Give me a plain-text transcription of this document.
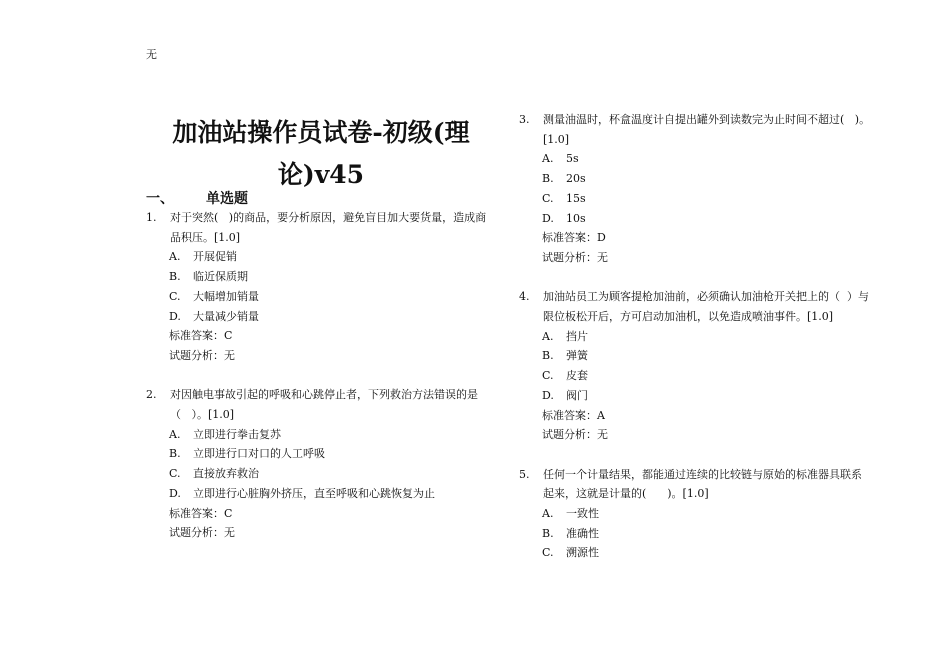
无
加油站操作员试卷-初级(理论)v45
一、 单选题
1.	对于突然(   )的商品，要分析原因，避免盲目加大要货量，造成商品积压。[1.0]
A.	开展促销
B.	临近保质期
C.	大幅增加销量
D.	大量减少销量
标准答案：C
试题分析：无
2.	对因触电事故引起的呼吸和心跳停止者，下列救治方法错误的是（   ）。[1.0]
A.	立即进行拳击复苏
B.	立即进行口对口的人工呼吸
C.	直接放弃救治
D.	立即进行心脏胸外挤压，直至呼吸和心跳恢复为止
标准答案：C
试题分析：无
3.	测量油温时，杯盒温度计自提出罐外到读数完为止时间不超过(   )。[1.0]
A.	5s
B.	20s
C.	15s
D.	10s
标准答案：D
试题分析：无
4.	加油站员工为顾客提枪加油前，必须确认加油枪开关把上的（  ）与限位板松开后，方可启动加油机，以免造成喷油事件。[1.0]
A.	挡片
B.	弹簧
C.	皮套
D.	阀门
标准答案：A
试题分析：无
5.	任何一个计量结果，都能通过连续的比较链与原始的标准器具联系起来，这就是计量的(      )。[1.0]
A.	一致性
B.	准确性
C.	溯源性
